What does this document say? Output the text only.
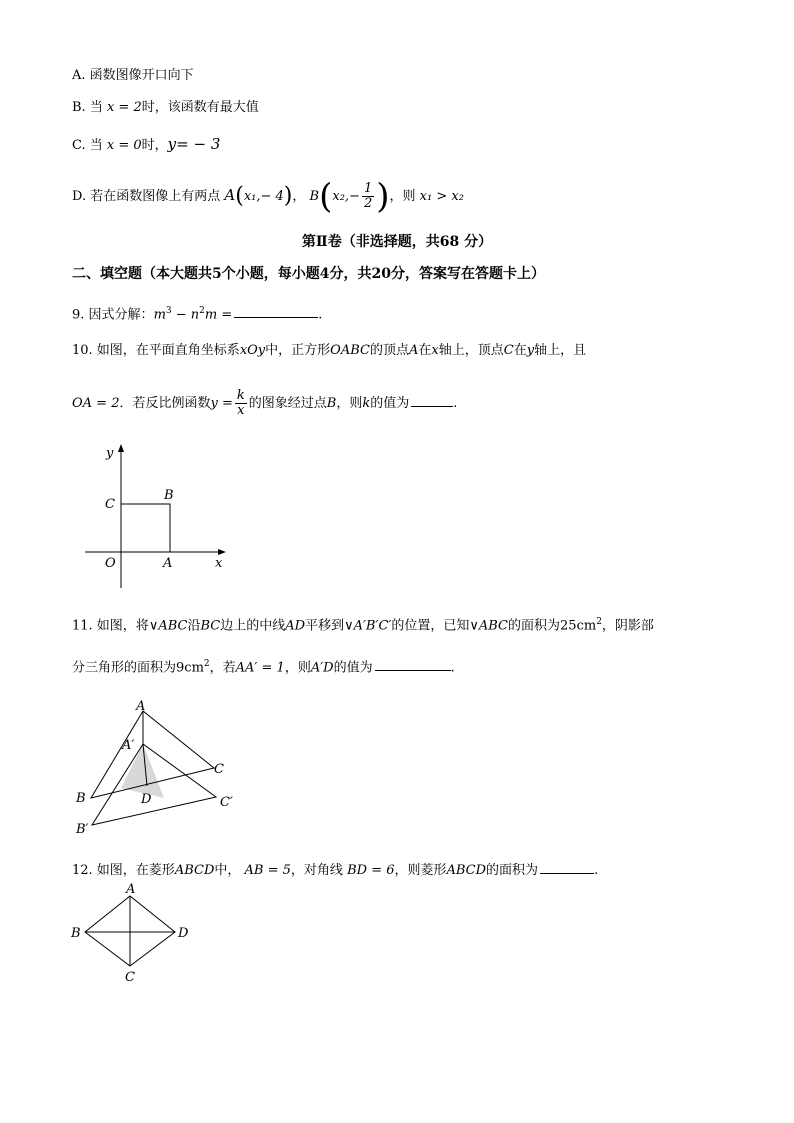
A. 函数图像开口向下
B. 当 x = 2时，该函数有最大值
C. 当 x = 0时，y= − 3
D. 若在函数图像上有两点 A(x₁,− 4)， $B(x_2,- \frac{1}{2}$ )，则 x₁ > x₂
第Ⅱ卷（非选择题，共68 分）
二、填空题（本大题共5个小题，每小题4分，共20分，答案写在答题卡上）
9. 因式分解：$m^3 - n^2m$ =	.
10. 如图，在平面直角坐标系xOy中，正方形OABC的顶点A在x轴上，顶点C在y轴上，且
OA = 2．若反比例函数$y = \frac{k}{x}$ 的图象经过点B，则k的值为	.
y
x
O	A
B
C
11. 如图，将∨ABC沿BC边上的中线AD平移到∨A′B′C′的位置，已知∨ABC的面积为$25cm^2$，阴影部
分三角形的面积为$9cm^2$，若AA′ = 1，则A′D的值为	.
A
A′
B
B′
C
C′
D
12. 如图，在菱形ABCD中， AB = 5，对角线 BD = 6，则菱形ABCD的面积为	.
A
B
C
D
